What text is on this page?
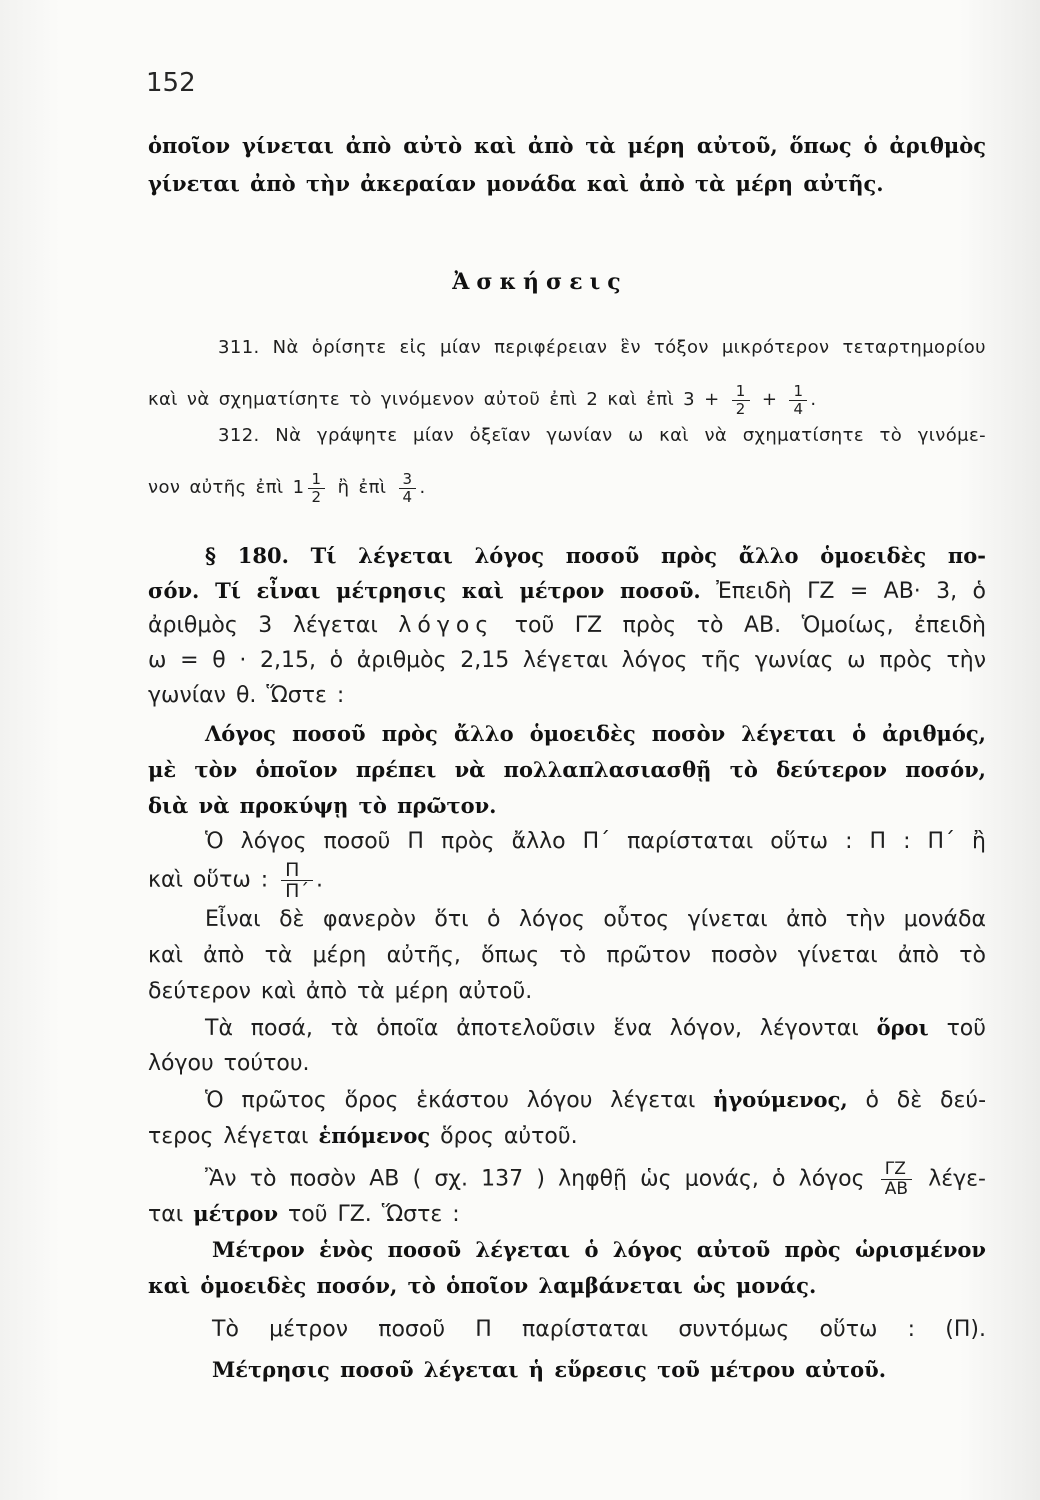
152
ὁποῖον γίνεται ἀπὸ αὐτὸ καὶ ἀπὸ τὰ μέρη αὐτοῦ, ὅπως ὁ ἀριθμὸς
γίνεται ἀπὸ τὴν ἀκεραίαν μονάδα καὶ ἀπὸ τὰ μέρη αὐτῆς.
Ἀσκήσεις
311. Νὰ ὁρίσητε εἰς μίαν περιφέρειαν ἓν τόξον μικρότερον τεταρτημορίου
καὶ νὰ σχηματίσητε τὸ γινόμενον αὐτοῦ ἐπὶ 2 καὶ ἐπὶ $3 + \frac{1}{2} + \frac{1}{4}$ .
312. Νὰ γράψητε μίαν ὀξεῖαν γωνίαν ω καὶ νὰ σχηματίσητε τὸ γινόμε-
νον αὐτῆς ἐπὶ $1 \frac{1}{2}$ ἢ ἐπὶ $\frac{3}{4}$ .
§ 180. Τί λέγεται λόγος ποσοῦ πρὸς ἄλλο ὁμοειδὲς πο-
σόν. Τί εἶναι μέτρησις καὶ μέτρον ποσοῦ. Ἐπειδὴ ΓΖ = ΑΒ· 3, ὁ
ἀριθμὸς 3 λέγεται λόγος τοῦ ΓΖ πρὸς τὸ ΑΒ. Ὁμοίως, ἐπειδὴ
ω = θ · 2,15, ὁ ἀριθμὸς 2,15 λέγεται λόγος τῆς γωνίας ω πρὸς τὴν
γωνίαν θ. Ὥστε :
Λόγος ποσοῦ πρὸς ἄλλο ὁμοειδὲς ποσὸν λέγεται ὁ ἀριθμός,
μὲ τὸν ὁποῖον πρέπει νὰ πολλαπλασιασθῇ τὸ δεύτερον ποσόν,
διὰ νὰ προκύψῃ τὸ πρῶτον.
Ὁ λόγος ποσοῦ Π πρὸς ἄλλο Π΄ παρίσταται οὕτω : Π : Π΄ ἢ
καὶ οὕτω : $\frac{\Pi}{\Pi΄}$ .
Εἶναι δὲ φανερὸν ὅτι ὁ λόγος οὗτος γίνεται ἀπὸ τὴν μονάδα
καὶ ἀπὸ τὰ μέρη αὐτῆς, ὅπως τὸ πρῶτον ποσὸν γίνεται ἀπὸ τὸ
δεύτερον καὶ ἀπὸ τὰ μέρη αὐτοῦ.
Τὰ ποσά, τὰ ὁποῖα ἀποτελοῦσιν ἕνα λόγον, λέγονται ὅροι τοῦ
λόγου τούτου.
Ὁ πρῶτος ὅρος ἑκάστου λόγου λέγεται ἡγούμενος, ὁ δὲ δεύ-
τερος λέγεται ἑπόμενος ὅρος αὐτοῦ.
Ἂν τὸ ποσὸν ΑΒ ( σχ. 137 ) ληφθῇ ὡς μονάς, ὁ λόγος $\frac{\Gamma Z}{AB} \lambda έ\gamma\varepsilon-$
ται μέτρον τοῦ ΓΖ. Ὥστε :
Μέτρον ἑνὸς ποσοῦ λέγεται ὁ λόγος αὐτοῦ πρὸς ὡρισμένον
καὶ ὁμοειδὲς ποσόν, τὸ ὁποῖον λαμβάνεται ὡς μονάς.
Τὸ μέτρον ποσοῦ Π παρίσταται συντόμως οὕτω : (Π).
Μέτρησις ποσοῦ λέγεται ἡ εὕρεσις τοῦ μέτρου αὐτοῦ.
